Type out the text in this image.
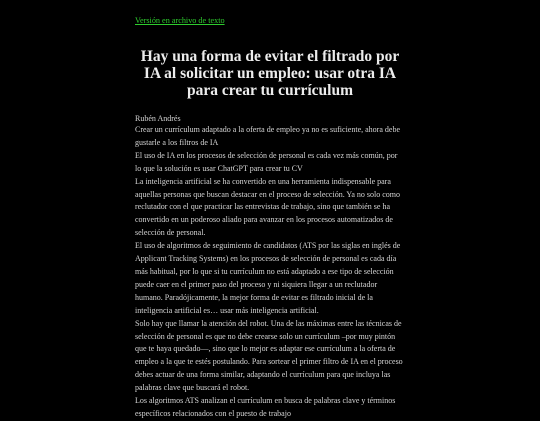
Versión en archivo de texto
Hay una forma de evitar el filtrado por IA al solicitar un empleo: usar otra IA para crear tu currículum
Rubén Andrés

Crear un currículum adaptado a la oferta de empleo ya no es suficiente, ahora debe gustarle a los filtros de IA

El uso de IA en los procesos de selección de personal es cada vez más común, por lo que la solución es usar ChatGPT para crear tu CV

La inteligencia artificial se ha convertido en una herramienta indispensable para aquellas personas que buscan destacar en el proceso de selección. Ya no solo como reclutador con el que practicar las entrevistas de trabajo, sino que también se ha convertido en un poderoso aliado para avanzar en los procesos automatizados de selección de personal.

El uso de algoritmos de seguimiento de candidatos (ATS por las siglas en inglés de Applicant Tracking Systems) en los procesos de selección de personal es cada día más habitual, por lo que si tu currículum no está adaptado a ese tipo de selección puede caer en el primer paso del proceso y ni siquiera llegar a un reclutador humano. Paradójicamente, la mejor forma de evitar es filtrado inicial de la inteligencia artificial es… usar más inteligencia artificial.

Solo hay que llamar la atención del robot. Una de las máximas entre las técnicas de selección de personal es que no debe crearse solo un currículum –por muy pintón que te haya quedado—, sino que lo mejor es adaptar ese currículum a la oferta de empleo a la que te estés postulando. Para sortear el primer filtro de IA en el proceso debes actuar de una forma similar, adaptando el currículum para que incluya las palabras clave que buscará el robot.

Los algoritmos ATS analizan el currículum en busca de palabras clave y términos específicos relacionados con el puesto de trabajo
